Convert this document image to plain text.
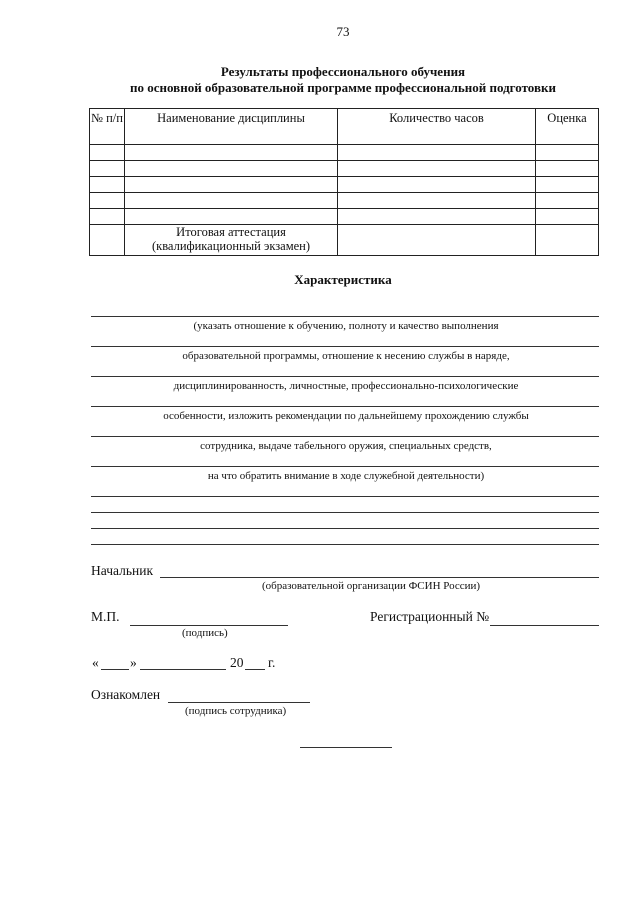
73
Результаты профессионального обучения
по основной образовательной программе профессиональной подготовки
№ п/п	Наименование дисциплины	Количество часов	Оценка

	Итоговая аттестация (квалификационный экзамен)		
Характеристика
(указать отношение к обучению, полноту и качество выполнения
образовательной программы, отношение к несению службы в наряде,
дисциплинированность, личностные, профессионально-психологические
особенности, изложить рекомендации по дальнейшему прохождению службы
сотрудника, выдаче табельного оружия, специальных средств,
на что обратить внимание в ходе служебной деятельности)
Начальник
(образовательной организации ФСИН России)
М.П.
(подпись)
Регистрационный №
« »	20 г.
Ознакомлен
(подпись сотрудника)
